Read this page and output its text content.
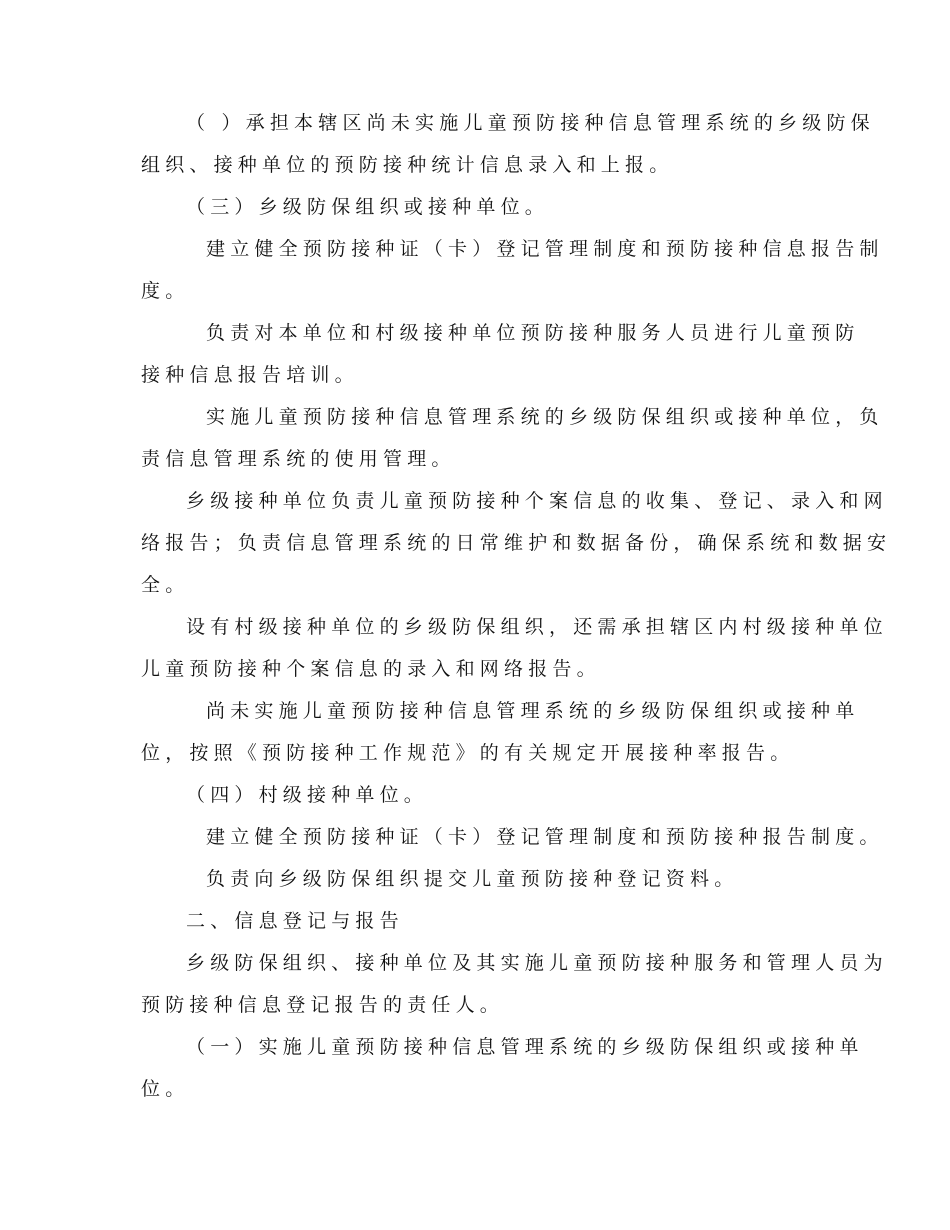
（ ）承担本辖区尚未实施儿童预防接种信息管理系统的乡级防保
组织、接种单位的预防接种统计信息录入和上报。
（三）乡级防保组织或接种单位。
建立健全预防接种证（卡）登记管理制度和预防接种信息报告制
度。
负责对本单位和村级接种单位预防接种服务人员进行儿童预防
接种信息报告培训。
实施儿童预防接种信息管理系统的乡级防保组织或接种单位，负
责信息管理系统的使用管理。
乡级接种单位负责儿童预防接种个案信息的收集、登记、录入和网
络报告；负责信息管理系统的日常维护和数据备份，确保系统和数据安
全。
设有村级接种单位的乡级防保组织，还需承担辖区内村级接种单位
儿童预防接种个案信息的录入和网络报告。
尚未实施儿童预防接种信息管理系统的乡级防保组织或接种单
位，按照《预防接种工作规范》的有关规定开展接种率报告。
（四）村级接种单位。
建立健全预防接种证（卡）登记管理制度和预防接种报告制度。
负责向乡级防保组织提交儿童预防接种登记资料。
二、信息登记与报告
乡级防保组织、接种单位及其实施儿童预防接种服务和管理人员为
预防接种信息登记报告的责任人。
（一）实施儿童预防接种信息管理系统的乡级防保组织或接种单
位。
